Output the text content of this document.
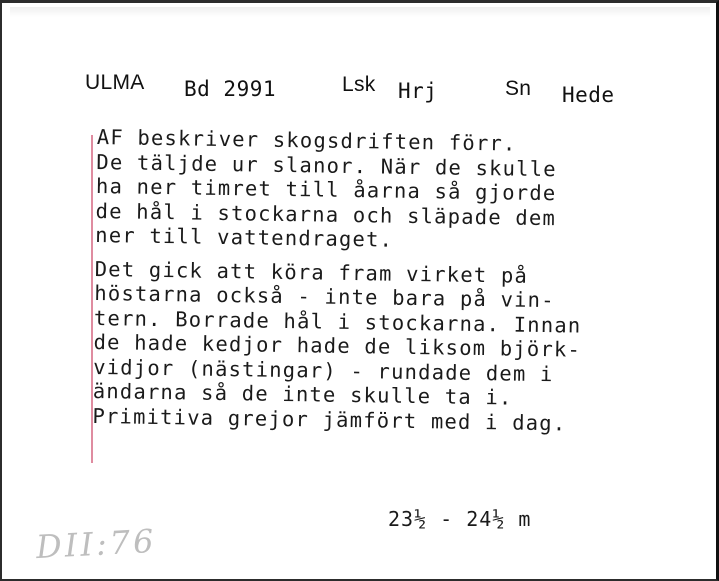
ULMA Bd 2991	Lsk Hrj	Sn Hede
AF beskriver skogsdriften förr.
De täljde ur slanor. När de skulle
ha ner timret till åarna så gjorde
de hål i stockarna och släpade dem
ner till vattendraget.
Det gick att köra fram virket på
höstarna också - inte bara på vin-
tern. Borrade hål i stockarna. Innan
de hade kedjor hade de liksom björk-
vidjor (nästingar) - rundade dem i
ändarna så de inte skulle ta i.
Primitiva grejor jämfört med i dag.
23½ - 24½ m
DII:76
